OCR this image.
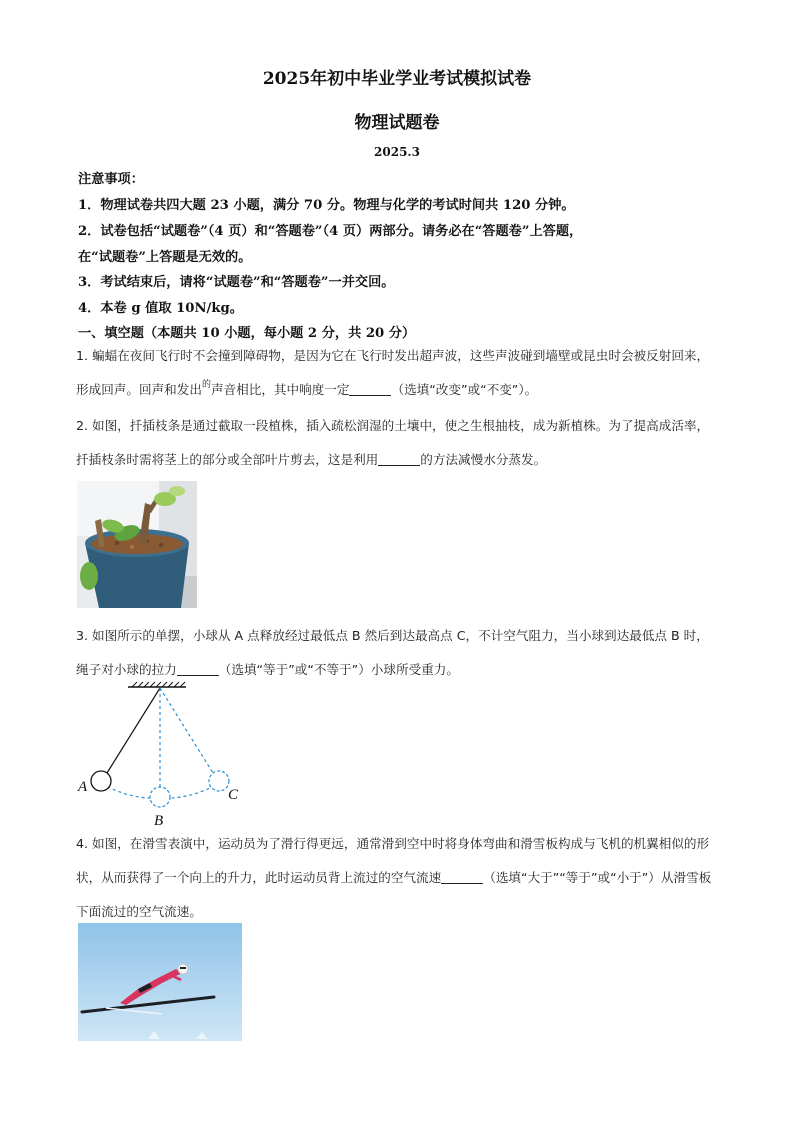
2025年初中毕业学业考试模拟试卷
物理试题卷
2025.3
注意事项：
1．物理试卷共四大题 23 小题，满分 70 分。物理与化学的考试时间共 120 分钟。
2．试卷包括“试题卷”（4 页）和“答题卷”（4 页）两部分。请务必在“答题卷”上答题，
在“试题卷”上答题是无效的。
3．考试结束后，请将“试题卷”和“答题卷”一并交回。
4．本卷 g 值取 10N/kg。
一、填空题（本题共 10 小题，每小题 2 分，共 20 分）
1. 蝙蝠在夜间飞行时不会撞到障碍物，是因为它在飞行时发出超声波，这些声波碰到墙壁或昆虫时会被反射回来，形成回声。回声和发出$^的$声音相比，其中响度一定	（选填“改变”或“不变”）。
2. 如图，扦插枝条是通过截取一段植株，插入疏松润湿的土壤中，使之生根抽枝，成为新植株。为了提高成活率，扦插枝条时需将茎上的部分或全部叶片剪去，这是利用	的方法减慢水分蒸发。
3. 如图所示的单摆，小球从 A 点释放经过最低点 B 然后到达最高点 C，不计空气阻力，当小球到达最低点 B 时，绳子对小球的拉力	（选填“等于”或“不等于”）小球所受重力。
A
B
C
4. 如图，在滑雪表演中，运动员为了滑行得更远，通常滑到空中时将身体弯曲和滑雪板构成与飞机的机翼相似的形状，从而获得了一个向上的升力，此时运动员背上流过的空气流速	（选填“大于”“等于”或“小于”）从滑雪板下面流过的空气流速。
